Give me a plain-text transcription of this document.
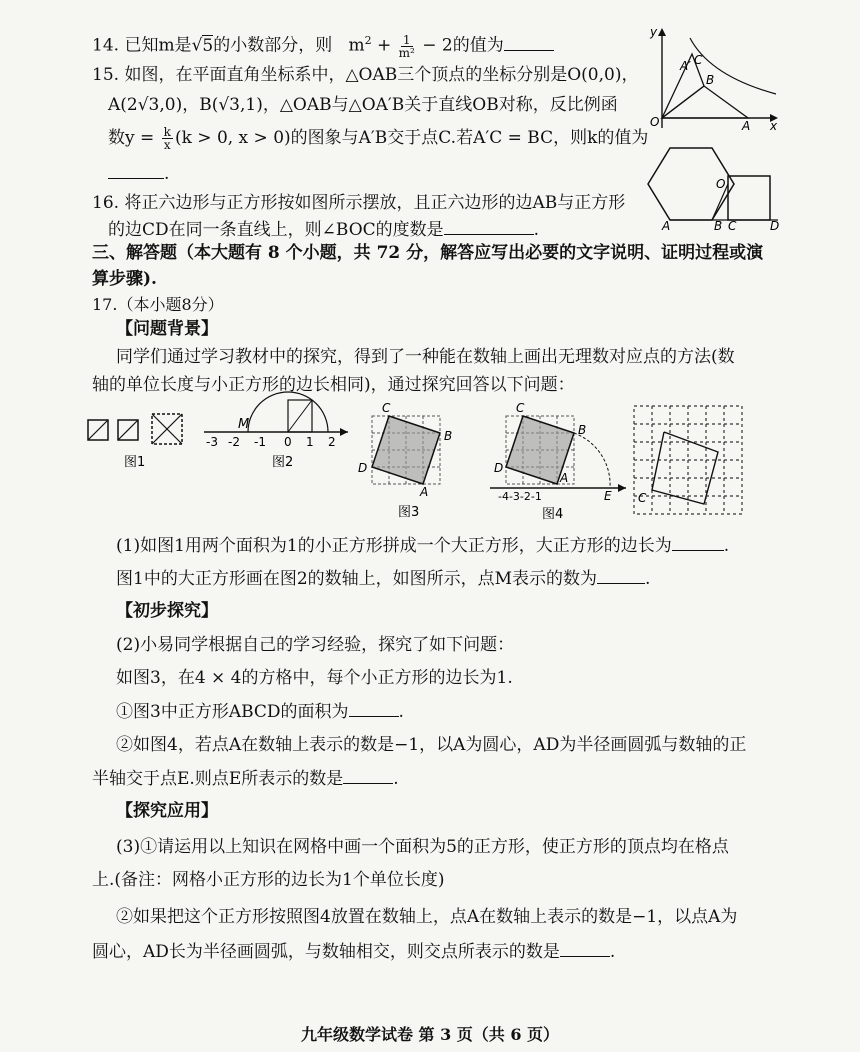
14. 已知m是√5的小数部分，则 $m^2 + \frac{1}{\text{m²}} - 2$的值为
15. 如图，在平面直角坐标系中，△OAB三个顶点的坐标分别是O(0,0)，
A(2√3,0)，B(√3,1)，△OAB与△OA′B关于直线OB对称，反比例函
数$y = \frac{k}{x} (k > 0$, x > 0)的图象与A′B交于点C.若A′C = BC，则k的值为
.
16. 将正六边形与正方形按如图所示摆放，且正六边形的边AB与正方形
的边CD在同一条直线上，则∠BOC的度数是	.
三、解答题（本大题有 8 个小题，共 72 分，解答应写出必要的文字说明、证明过程或演
算步骤).
17.（本小题8分）
【问题背景】
同学们通过学习教材中的探究，得到了一种能在数轴上画出无理数对应点的方法(数
轴的单位长度与小正方形的边长相同)，通过探究回答以下问题：
图1
M
-3 -2 -1 0 1 2
图2
C
B
D
A
图3
C
B
D
A
-4-3-2-1	E
图4
C
(1)如图1用两个面积为1的小正方形拼成一个大正方形，大正方形的边长为	.
图1中的大正方形画在图2的数轴上，如图所示，点M表示的数为	.
【初步探究】
(2)小易同学根据自己的学习经验，探究了如下问题：
如图3，在4 × 4的方格中，每个小正方形的边长为1.
①图3中正方形ABCD的面积为	.
②如图4，若点A在数轴上表示的数是−1，以A为圆心，AD为半径画圆弧与数轴的正
半轴交于点E.则点E所表示的数是	.
【探究应用】
(3)①请运用以上知识在网格中画一个面积为5的正方形，使正方形的顶点均在格点
上.(备注：网格小正方形的边长为1个单位长度)
②如果把这个正方形按照图4放置在数轴上，点A在数轴上表示的数是−1，以点A为
圆心，AD长为半径画圆弧，与数轴相交，则交点所表示的数是	.
y
O
A′ C
B
A x
O
B
A	C	D
九年级数学试卷 第 3 页（共 6 页）
